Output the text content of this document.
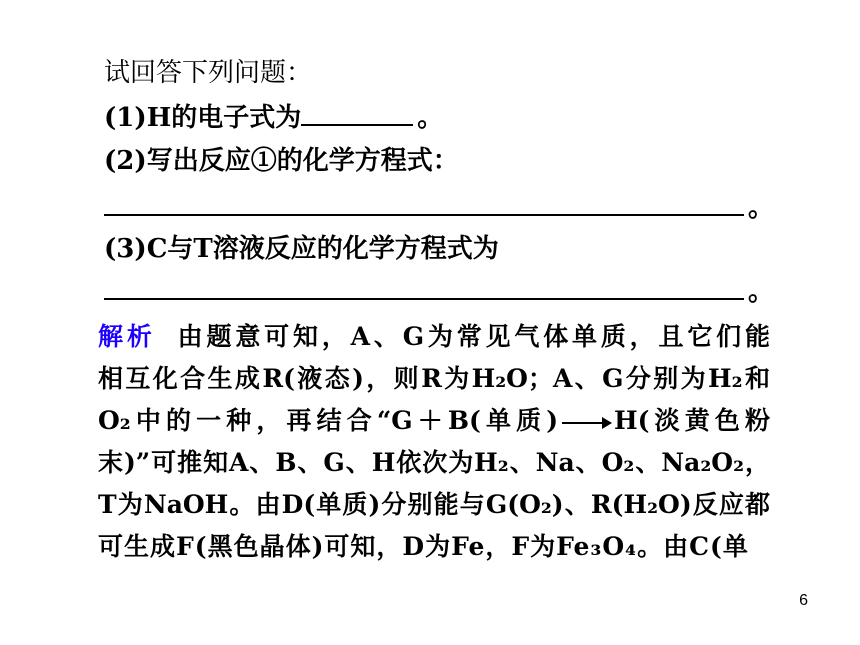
试回答下列问题：
(1)H的电子式为	。
(2)写出反应①的化学方程式：
。
(3)C与T溶液反应的化学方程式为
。
解析 由题意可知，A、G为常见气体单质，且它们能
相互化合生成R(液态)，则R为H₂O；A、G分别为H₂和
O₂中的一种，再结合“G＋B(单质) → H(淡黄色粉
末)”可推知A、B、G、H依次为H₂、Na、O₂、Na₂O₂，
T为NaOH。由D(单质)分别能与G(O₂)、R(H₂O)反应都
可生成F(黑色晶体)可知，D为Fe，F为Fe₃O₄。由C(单
6
